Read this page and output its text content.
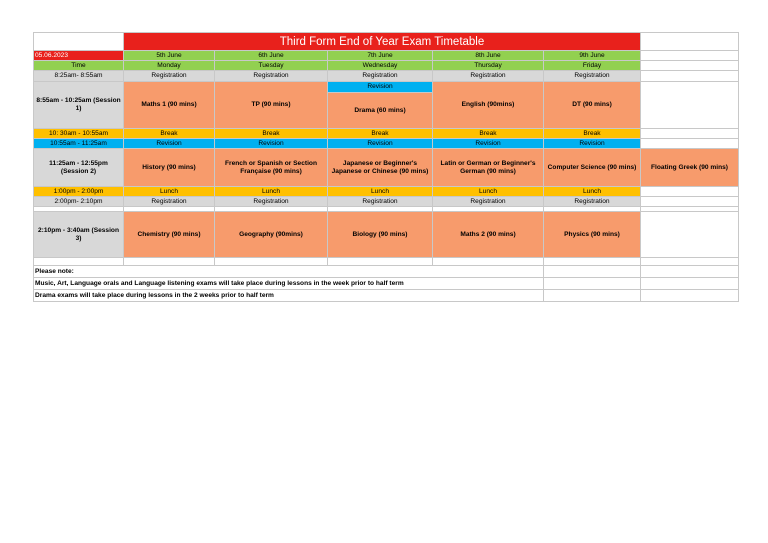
	Third Form End of Year Exam Timetable					
05.06.2023	5th June	6th June	7th June	8th June	9th June	
Time	Monday	Tuesday	Wednesday	Thursday	Friday	
8:25am- 8:55am	Registration	Registration	Registration	Registration	Registration	
8:55am - 10:25am (Session 1)	Maths 1 (90 mins)	TP (90 mins)	Revision	English (90mins)	DT (90 mins)	
			Drama (60 mins)			
10: 30am - 10:55am	Break	Break	Break	Break	Break	
10:55am - 11:25am	Revision	Revision	Revision	Revision	Revision	
11:25am - 12:55pm (Session 2)	History (90 mins)	French or Spanish or Section Française (90 mins)	Japanese or Beginner's Japanese or Chinese (90 mins)	Latin or German or Beginner's German (90 mins)	Computer Science (90 mins)	Floating Greek (90 mins)
1:00pm - 2:00pm	Lunch	Lunch	Lunch	Lunch	Lunch	
2:00pm- 2:10pm	Registration	Registration	Registration	Registration	Registration	

2:10pm - 3:40am (Session 3)	Chemistry (90 mins)	Geography (90mins)	Biology (90 mins)	Maths 2 (90 mins)	Physics (90 mins)	

Please note:						
Music, Art, Language orals and Language listening exams will take place during lessons in the week prior to half term						
Drama exams will take place during lessons in the 2 weeks prior to half term						
